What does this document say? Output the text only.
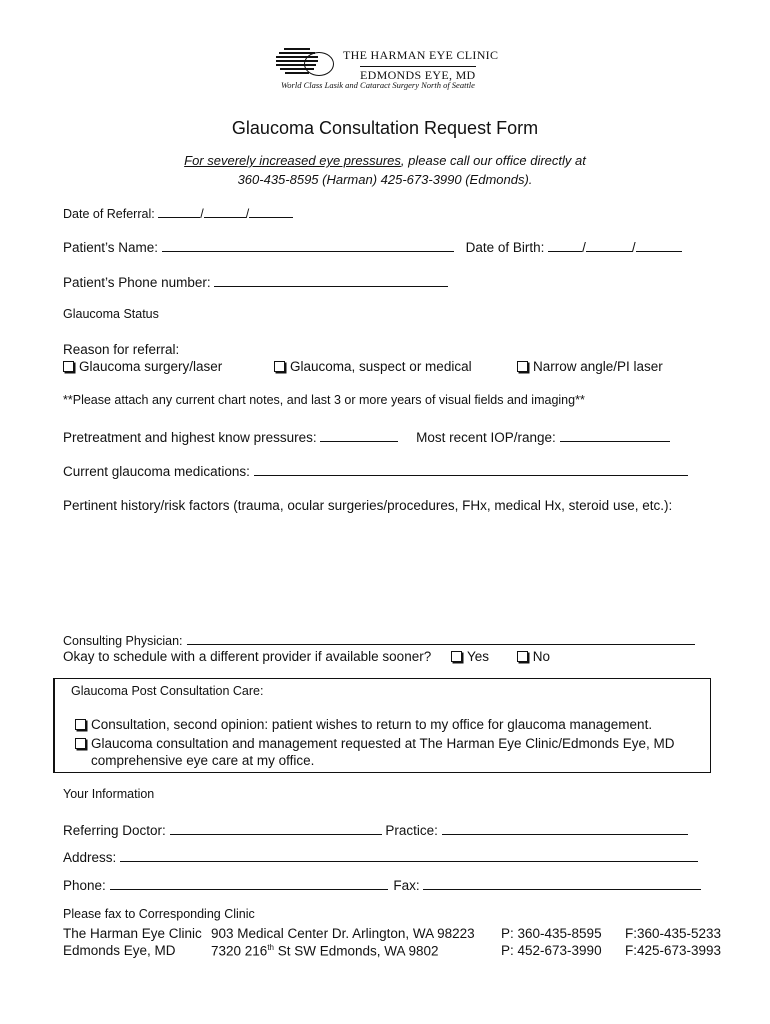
THE HARMAN EYE CLINIC
EDMONDS EYE, MD
World Class Lasik and Cataract Surgery North of Seattle
Glaucoma Consultation Request Form
For severely increased eye pressures, please call our office directly at
360-435-8595 (Harman) 425-673-3990 (Edmonds).
Date of Referral:	/	/
Patient’s Name:	Date of Birth:	/	/
Patient’s Phone number:
Glaucoma Status
Reason for referral:
Glaucoma surgery/laser	Glaucoma, suspect or medical	Narrow angle/PI laser
**Please attach any current chart notes, and last 3 or more years of visual fields and imaging**
Pretreatment and highest know pressures:	Most recent IOP/range:
Current glaucoma medications:
Pertinent history/risk factors (trauma, ocular surgeries/procedures, FHx, medical Hx, steroid use, etc.):
Consulting Physician:
Okay to schedule with a different provider if available sooner?	Yes	No
Glaucoma Post Consultation Care:
Consultation, second opinion: patient wishes to return to my office for glaucoma management.
Glaucoma consultation and management requested at The Harman Eye Clinic/Edmonds Eye, MD
comprehensive eye care at my office.
Your Information
Referring Doctor:	Practice:
Address:
Phone:	Fax:
Please fax to Corresponding Clinic
The Harman Eye Clinic 903 Medical Center Dr. Arlington, WA 98223 P: 360-435-8595 F:360-435-5233
Edmonds Eye, MD	7320 216th St SW Edmonds, WA 9802	P: 452-673-3990 F:425-673-3993
